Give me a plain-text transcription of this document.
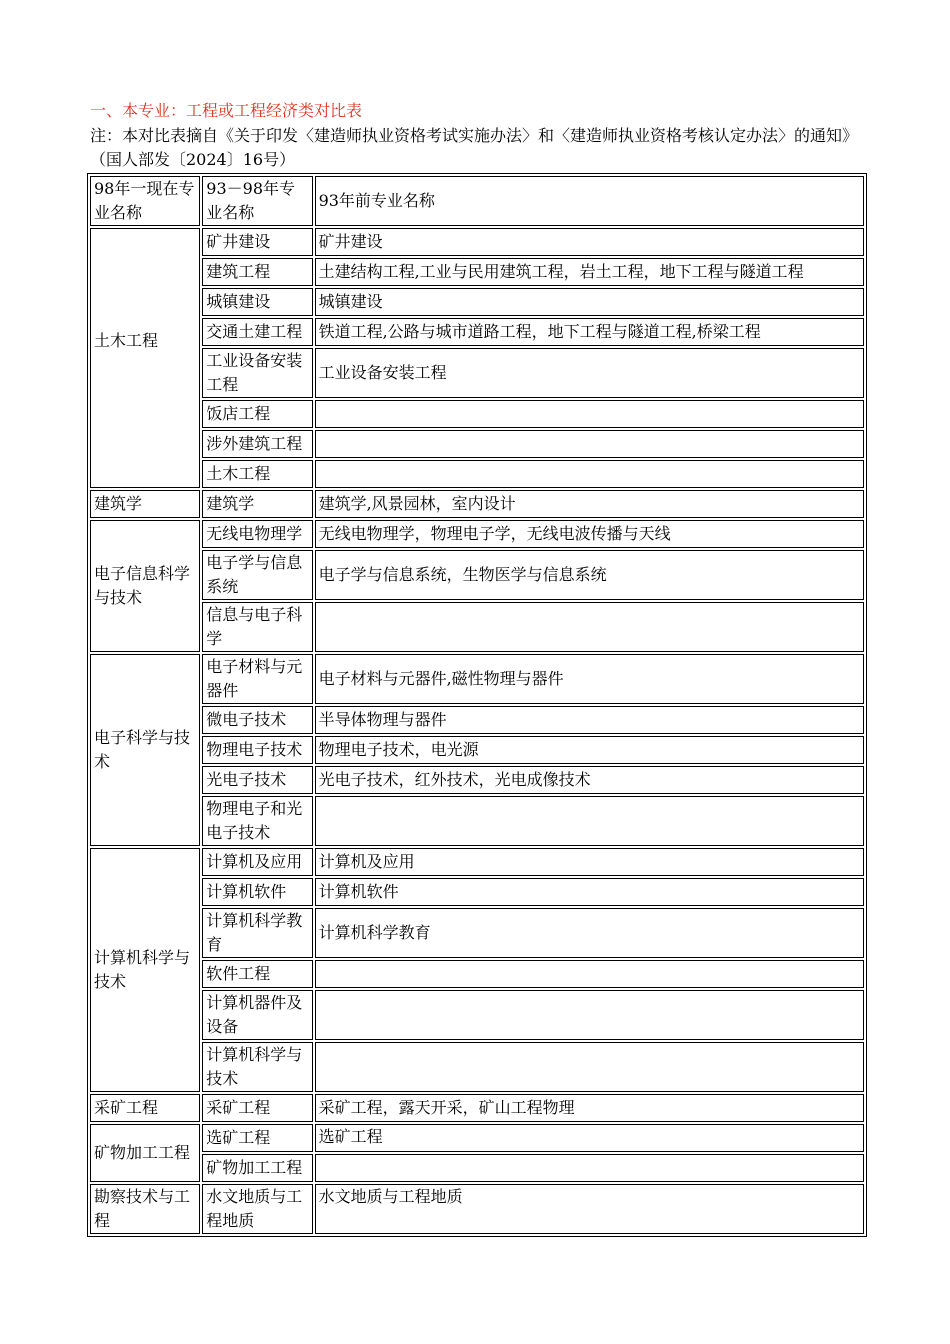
一、本专业：工程或工程经济类对比表
注：本对比表摘自《关于印发〈建造师执业资格考试实施办法〉和〈建造师执业资格考核认定办法〉的通知》（国人部发〔2024〕16号）
98年一现在专业名称	93－98年专业名称	93年前专业名称
土木工程	矿井建设	矿井建设
	建筑工程	土建结构工程,工业与民用建筑工程，岩土工程，地下工程与隧道工程
	城镇建设	城镇建设
	交通土建工程	铁道工程,公路与城市道路工程，地下工程与隧道工程,桥梁工程
	工业设备安装工程	工业设备安装工程
	饭店工程	
	涉外建筑工程	
	土木工程	
建筑学	建筑学	建筑学,风景园林，室内设计
电子信息科学与技术	无线电物理学	无线电物理学，物理电子学，无线电波传播与天线
	电子学与信息系统	电子学与信息系统，生物医学与信息系统
	信息与电子科学	
电子科学与技术	电子材料与元器件	电子材料与元器件,磁性物理与器件
	微电子技术	半导体物理与器件
	物理电子技术	物理电子技术，电光源
	光电子技术	光电子技术，红外技术，光电成像技术
	物理电子和光电子技术	
计算机科学与技术	计算机及应用	计算机及应用
	计算机软件	计算机软件
	计算机科学教育	计算机科学教育
	软件工程	
	计算机器件及设备	
	计算机科学与技术	
采矿工程	采矿工程	采矿工程，露天开采，矿山工程物理
矿物加工工程	选矿工程	选矿工程
	矿物加工工程	
勘察技术与工程	水文地质与工程地质	水文地质与工程地质
